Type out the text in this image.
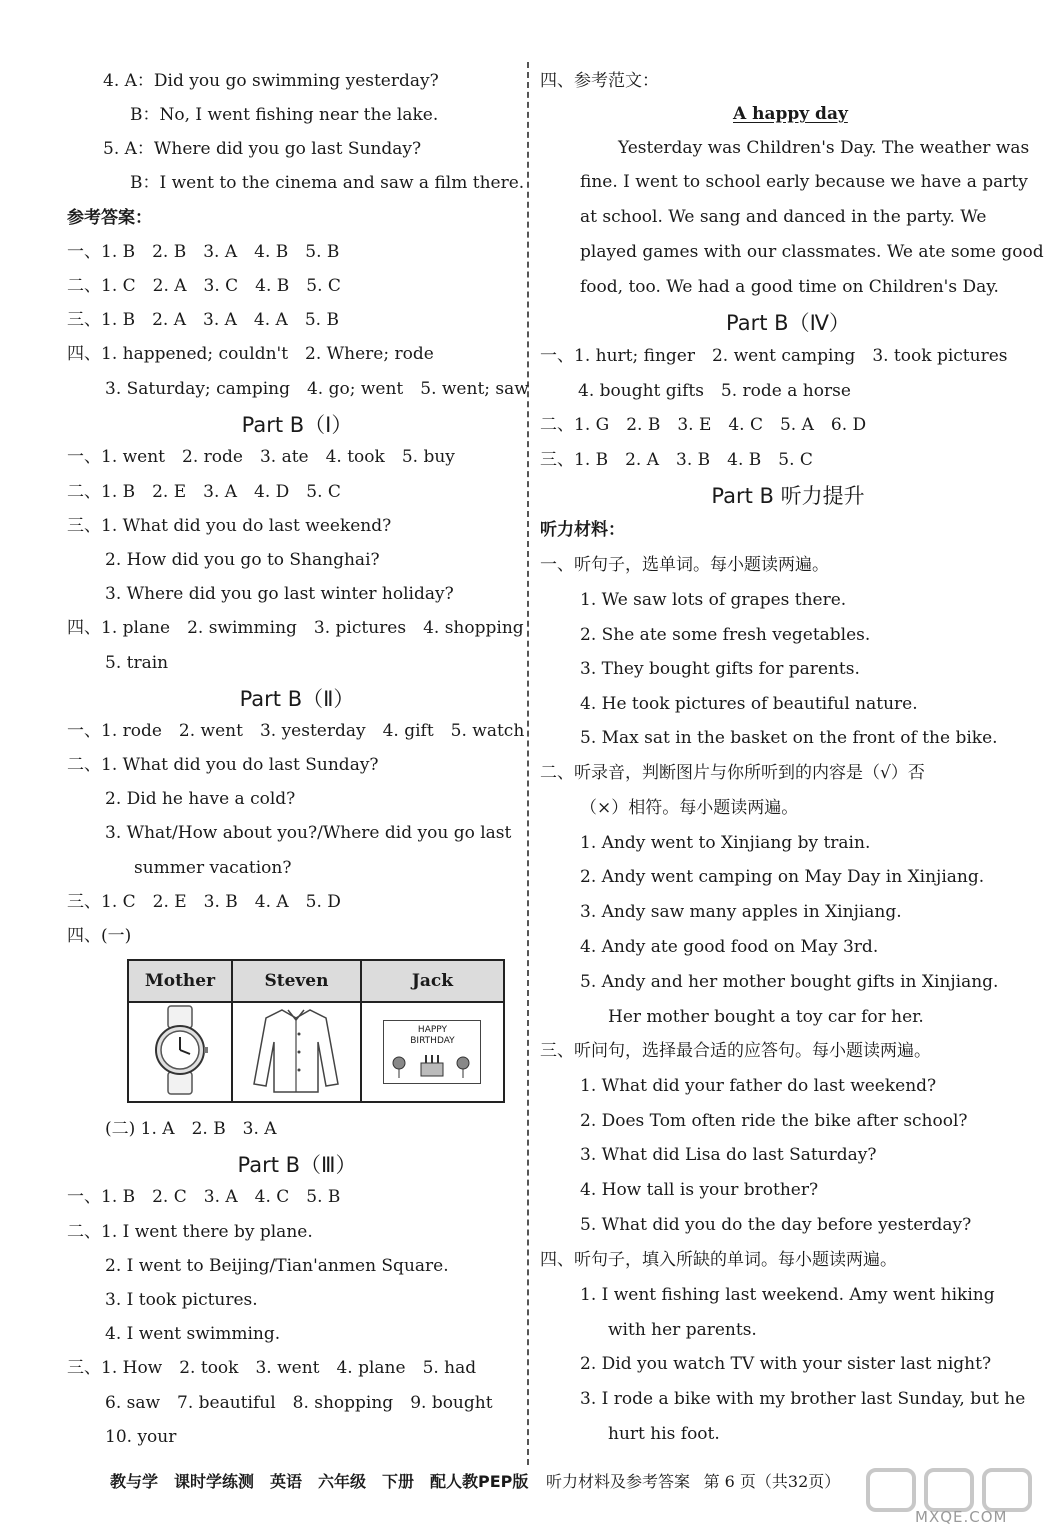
4. A：Did you go swimming yesterday?
B：No, I went fishing near the lake.
5. A：Where did you go last Sunday?
B：I went to the cinema and saw a film there.
参考答案：
一、1. B　2. B　3. A　4. B　5. B
二、1. C　2. A　3. C　4. B　5. C
三、1. B　2. A　3. A　4. A　5. B
四、1. happened; couldn't　2. Where; rode
3. Saturday; camping　4. go; went　5. went; saw
Part B（Ⅰ）
一、1. went　2. rode　3. ate　4. took　5. buy
二、1. B　2. E　3. A　4. D　5. C
三、1. What did you do last weekend?
2. How did you go to Shanghai?
3. Where did you go last winter holiday?
四、1. plane　2. swimming　3. pictures　4. shopping
5. train
Part B（Ⅱ）
一、1. rode　2. went　3. yesterday　4. gift　5. watch
二、1. What did you do last Sunday?
2. Did he have a cold?
3. What/How about you?/Where did you go last
summer vacation?
三、1. C　2. E　3. B　4. A　5. D
四、(一)
Mother	Steven	Jack

HAPPY
BIRTHDAY
(二) 1. A　2. B　3. A
Part B（Ⅲ）
一、1. B　2. C　3. A　4. C　5. B
二、1. I went there by plane.
2. I went to Beijing/Tian'anmen Square.
3. I took pictures.
4. I went swimming.
三、1. How　2. took　3. went　4. plane　5. had
6. saw　7. beautiful　8. shopping　9. bought
10. your
四、参考范文：
A happy day
Yesterday was Children's Day. The weather was
fine. I went to school early because we have a party
at school. We sang and danced in the party. We
played games with our classmates. We ate some good
food, too. We had a good time on Children's Day.
Part B（Ⅳ）
一、1. hurt; finger　2. went camping　3. took pictures
4. bought gifts　5. rode a horse
二、1. G　2. B　3. E　4. C　5. A　6. D
三、1. B　2. A　3. B　4. B　5. C
Part B 听力提升
听力材料：
一、听句子，选单词。每小题读两遍。
1. We saw lots of grapes there.
2. She ate some fresh vegetables.
3. They bought gifts for parents.
4. He took pictures of beautiful nature.
5. Max sat in the basket on the front of the bike.
二、听录音，判断图片与你所听到的内容是（√）否
（×）相符。每小题读两遍。
1. Andy went to Xinjiang by train.
2. Andy went camping on May Day in Xinjiang.
3. Andy saw many apples in Xinjiang.
4. Andy ate good food on May 3rd.
5. Andy and her mother bought gifts in Xinjiang.
Her mother bought a toy car for her.
三、听问句，选择最合适的应答句。每小题读两遍。
1. What did your father do last weekend?
2. Does Tom often ride the bike after school?
3. What did Lisa do last Saturday?
4. How tall is your brother?
5. What did you do the day before yesterday?
四、听句子，填入所缺的单词。每小题读两遍。
1. I went fishing last weekend. Amy went hiking
with her parents.
2. Did you watch TV with your sister last night?
3. I rode a bike with my brother last Sunday, but he
hurt his foot.
教与学　课时学练测　英语　六年级　下册　配人教PEP版 听力材料及参考答案 第 6 页（共32页）
MXQE.COM
